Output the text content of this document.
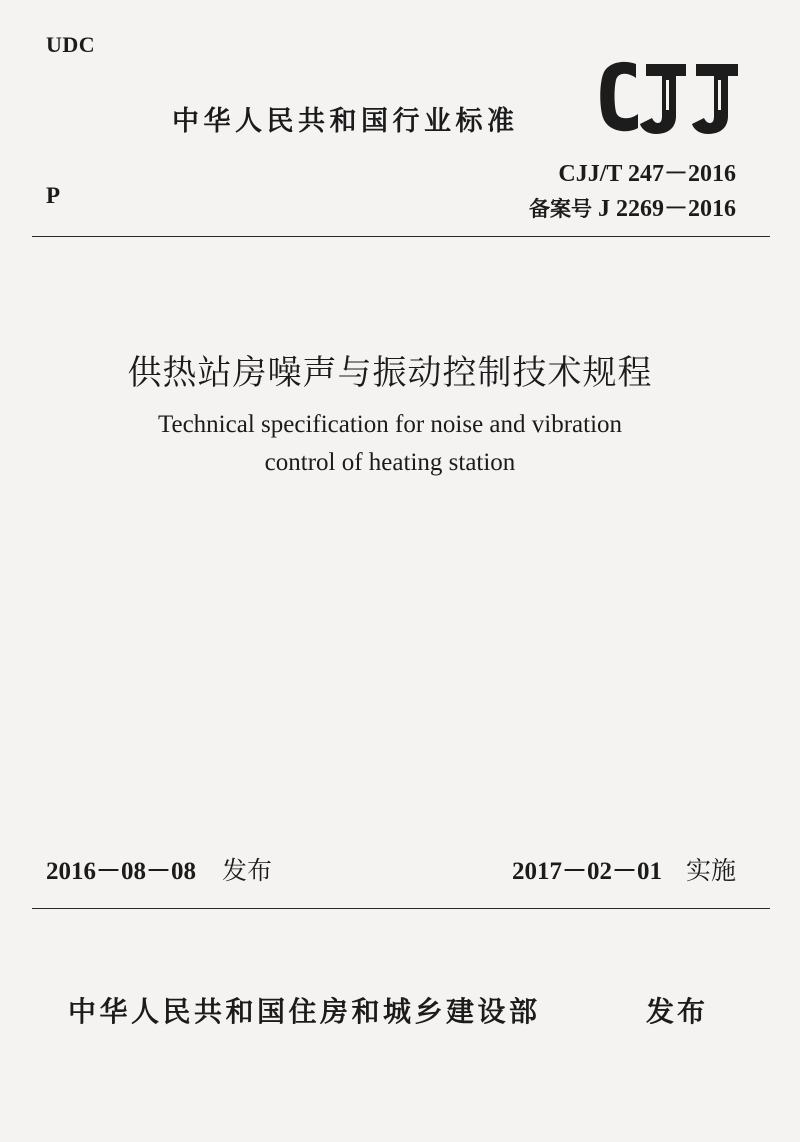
UDC
中华人民共和国行业标准
P
CJJ/T 247－2016
备案号 J 2269－2016
供热站房噪声与振动控制技术规程
Technical specification for noise and vibration
control of heating station
2016－08－08 发布	2017－02－01 实施
中华人民共和国住房和城乡建设部	发布
